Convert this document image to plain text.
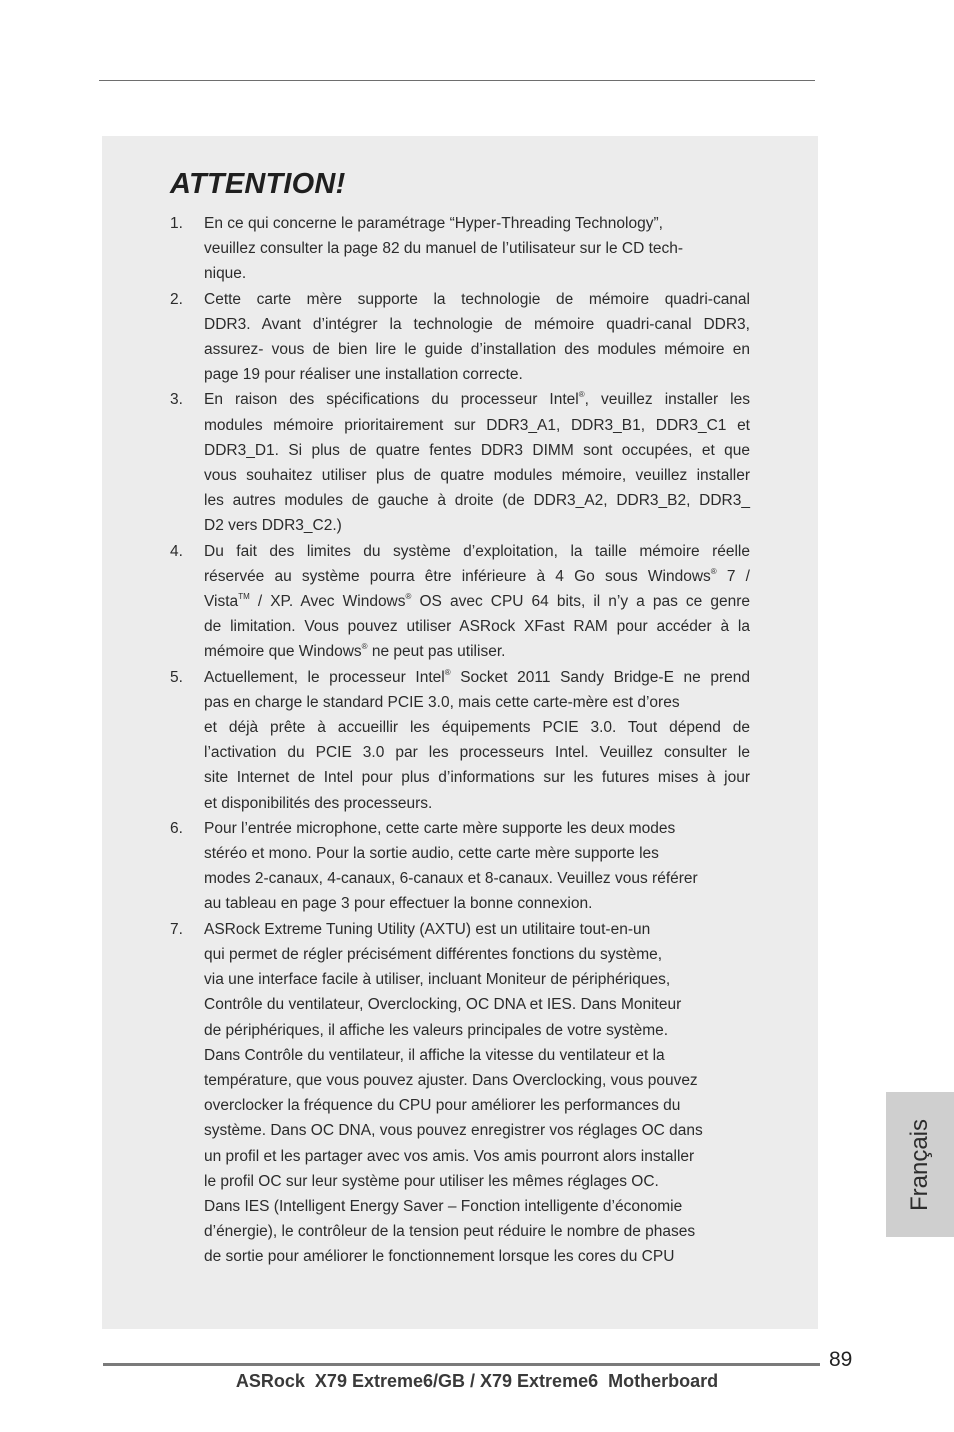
ATTENTION!
1. En ce qui concerne le paramétrage “Hyper-Threading Technology”,
veuillez consulter la page 82 du manuel de l’utilisateur sur le CD tech-
nique.
2. Cette carte mère supporte la technologie de mémoire quadri-canal
DDR3. Avant d’intégrer la technologie de mémoire quadri-canal DDR3,
assurez- vous de bien lire le guide d’installation des modules mémoire en
page 19 pour réaliser une installation correcte.
3. En raison des spécifications du processeur Intel®, veuillez installer les
modules mémoire prioritairement sur DDR3_A1, DDR3_B1, DDR3_C1 et
DDR3_D1. Si plus de quatre fentes DDR3 DIMM sont occupées, et que
vous souhaitez utiliser plus de quatre modules mémoire, veuillez installer
les autres modules de gauche à droite (de DDR3_A2, DDR3_B2, DDR3_
D2 vers DDR3_C2.)
4. Du fait des limites du système d’exploitation, la taille mémoire réelle
réservée au système pourra être inférieure à 4 Go sous Windows® 7 /
Vista™ / XP. Avec Windows® OS avec CPU 64 bits, il n’y a pas ce genre
de limitation. Vous pouvez utiliser ASRock XFast RAM pour accéder à la
mémoire que Windows® ne peut pas utiliser.
5. Actuellement, le processeur Intel® Socket 2011 Sandy Bridge-E ne prend
pas en charge le standard PCIE 3.0, mais cette carte-mère est d’ores
et déjà prête à accueillir les équipements PCIE 3.0. Tout dépend de
l’activation du PCIE 3.0 par les processeurs Intel. Veuillez consulter le
site Internet de Intel pour plus d’informations sur les futures mises à jour
et disponibilités des processeurs.
6. Pour l’entrée microphone, cette carte mère supporte les deux modes
stéréo et mono. Pour la sortie audio, cette carte mère supporte les
modes 2-canaux, 4-canaux, 6-canaux et 8-canaux. Veuillez vous référer
au tableau en page 3 pour effectuer la bonne connexion.
7. ASRock Extreme Tuning Utility (AXTU) est un utilitaire tout-en-un
qui permet de régler précisément différentes fonctions du système,
via une interface facile à utiliser, incluant Moniteur de périphériques,
Contrôle du ventilateur, Overclocking, OC DNA et IES. Dans Moniteur
de périphériques, il affiche les valeurs principales de votre système.
Dans Contrôle du ventilateur, il affiche la vitesse du ventilateur et la
température, que vous pouvez ajuster. Dans Overclocking, vous pouvez
overclocker la fréquence du CPU pour améliorer les performances du
système. Dans OC DNA, vous pouvez enregistrer vos réglages OC dans
un profil et les partager avec vos amis. Vos amis pourront alors installer
le profil OC sur leur système pour utiliser les mêmes réglages OC.
Dans IES (Intelligent Energy Saver – Fonction intelligente d’économie
d’énergie), le contrôleur de la tension peut réduire le nombre de phases
de sortie pour améliorer le fonctionnement lorsque les cores du CPU
Français
89
ASRock  X79 Extreme6/GB / X79 Extreme6  Motherboard
